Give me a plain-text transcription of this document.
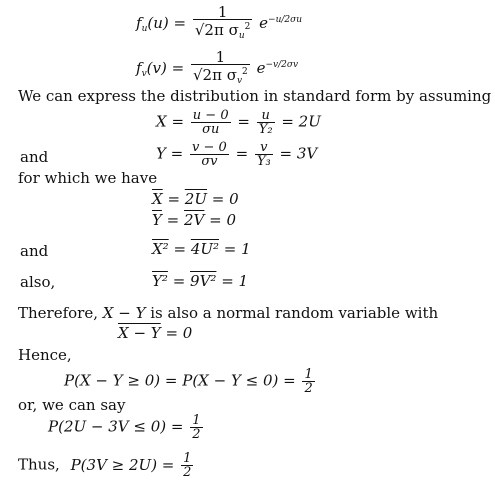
$f_u(u) = \frac{1}{√2\pi \sigma_u^2} e^{-u/2\sigma u}$
$f_v(v) = \frac{1}{√2\pi \sigma_v^2} e^{-v/2\sigma v}$
We can express the distribution in standard form by assuming
$X = \frac{u - 0}{\sigma u} = \frac{u}{\text{Y₂}} = 2U$
and	$Y = \frac{v - 0}{\sigma v} = \frac{v}{\text{Y₃}} = 3V$
for which we have
$\overline{X} = 2U = 0$
$\overline{Y} = 2V = 0$
and	X² = 4U² = 1
also,	Y² = 9V² = 1
Therefore, X − Y is also a normal random variable with
X − Y = 0
Hence,
$P(X - Y \ge 0) = P(X - Y \le 0) = \frac{1}{2}$
or, we can say
$P(2U - 3V \le 0) = \frac{1}{2}$
Thus, $P(3V \ge 2U) = \frac{1}{2}$
